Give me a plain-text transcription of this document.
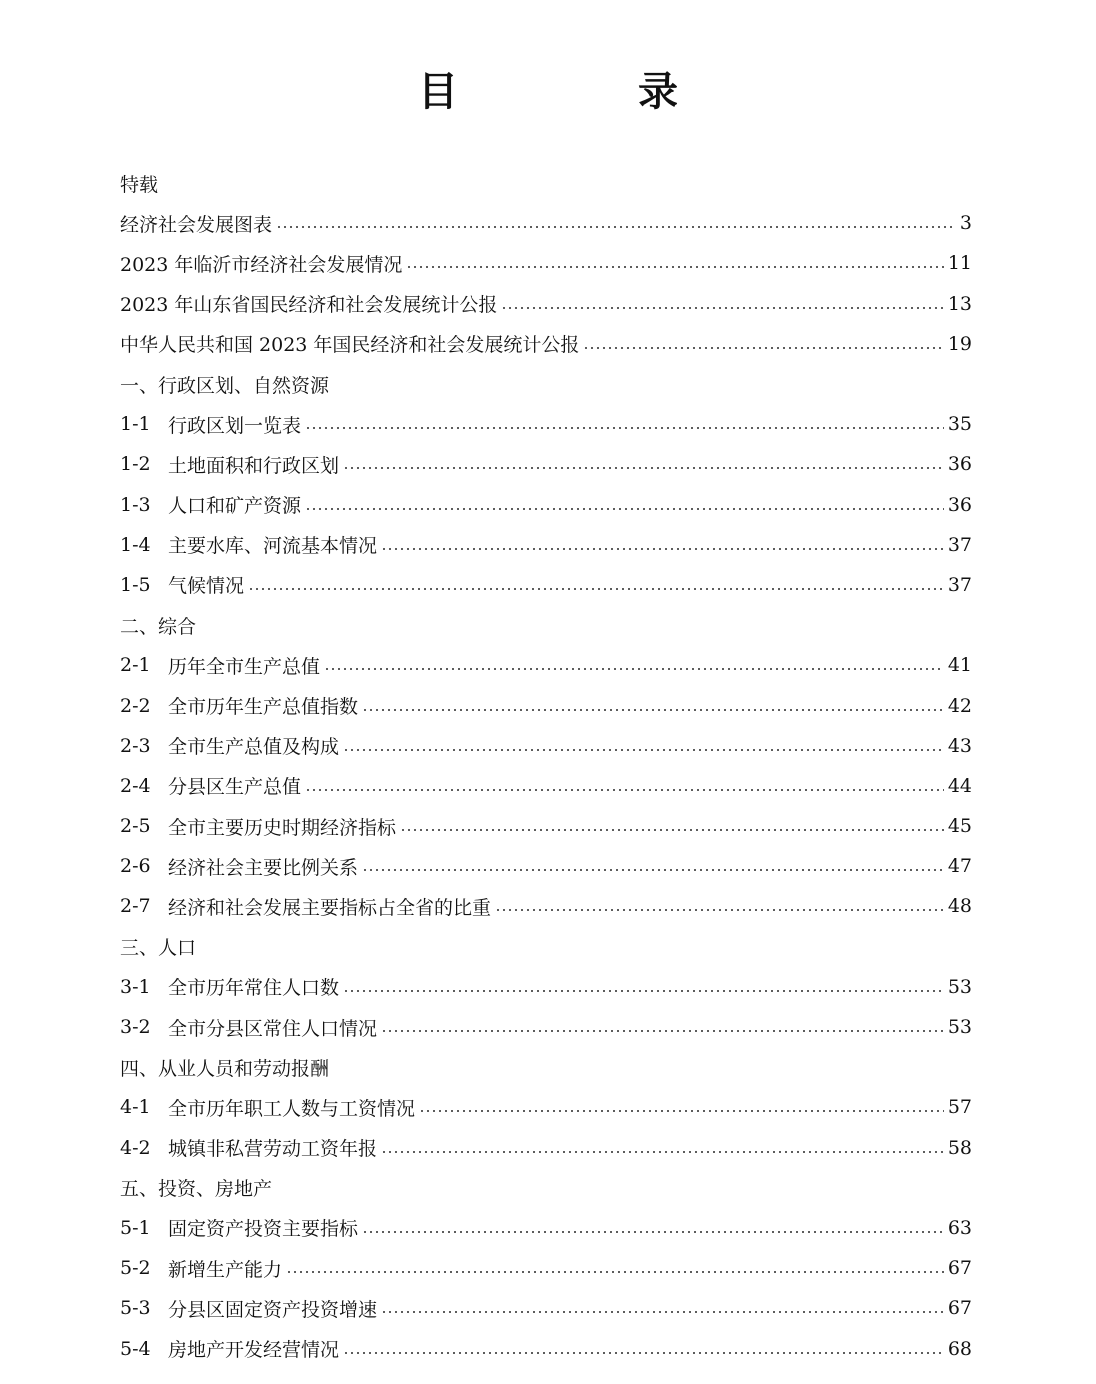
目　录
特载
经济社会发展图表	3
2023 年临沂市经济社会发展情况	11
2023 年山东省国民经济和社会发展统计公报	13
中华人民共和国 2023 年国民经济和社会发展统计公报	19
一、行政区划、自然资源
1-1 行政区划一览表	35
1-2 土地面积和行政区划	36
1-3 人口和矿产资源	36
1-4 主要水库、河流基本情况	37
1-5 气候情况	37
二、综合
2-1 历年全市生产总值	41
2-2 全市历年生产总值指数	42
2-3 全市生产总值及构成	43
2-4 分县区生产总值	44
2-5 全市主要历史时期经济指标	45
2-6 经济社会主要比例关系	47
2-7 经济和社会发展主要指标占全省的比重	48
三、人口
3-1 全市历年常住人口数	53
3-2 全市分县区常住人口情况	53
四、从业人员和劳动报酬
4-1 全市历年职工人数与工资情况	57
4-2 城镇非私营劳动工资年报	58
五、投资、房地产
5-1 固定资产投资主要指标	63
5-2 新增生产能力	67
5-3 分县区固定资产投资增速	67
5-4 房地产开发经营情况	68
